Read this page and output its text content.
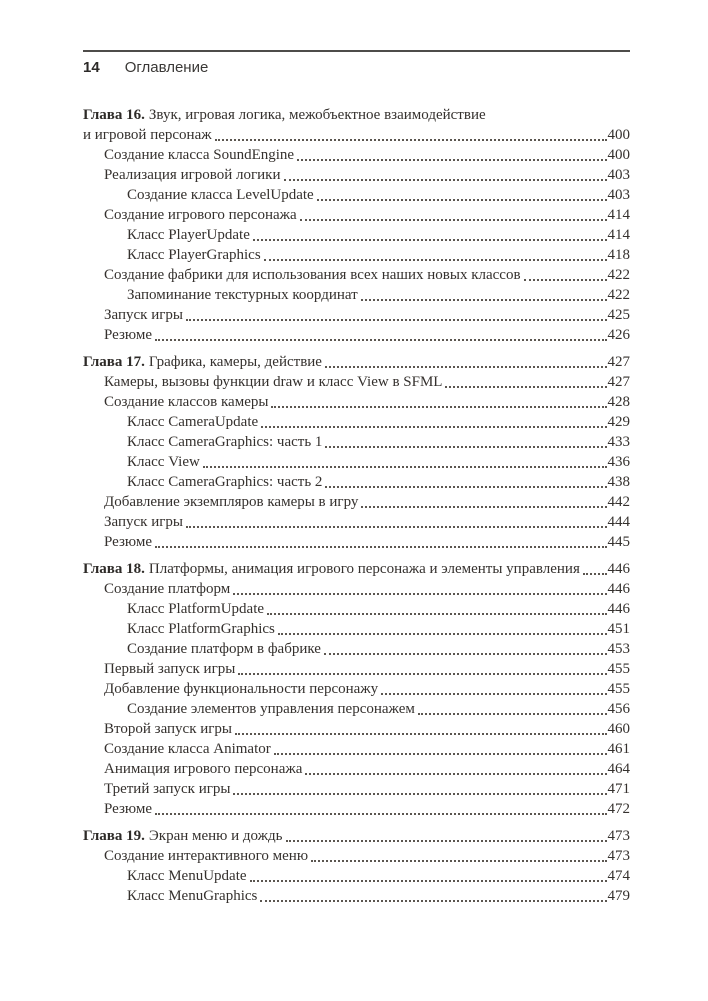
14 Оглавление
Глава 16. Звук, игровая логика, межобъектное взаимодействие
и игровой персонаж	400
Создание класса SoundEngine	400
Реализация игровой логики	403
Создание класса LevelUpdate	403
Создание игрового персонажа	414
Класс PlayerUpdate	414
Класс PlayerGraphics	418
Создание фабрики для использования всех наших новых классов	422
Запоминание текстурных координат	422
Запуск игры	425
Резюме	426
Глава 17. Графика, камеры, действие	427
Камеры, вызовы функции draw и класс View в SFML	427
Создание классов камеры	428
Класс CameraUpdate	429
Класс CameraGraphics: часть 1	433
Класс View	436
Класс CameraGraphics: часть 2	438
Добавление экземпляров камеры в игру	442
Запуск игры	444
Резюме	445
Глава 18. Платформы, анимация игрового персонажа и элементы управления 446
Создание платформ	446
Класс PlatformUpdate	446
Класс PlatformGraphics	451
Создание платформ в фабрике	453
Первый запуск игры	455
Добавление функциональности персонажу	455
Создание элементов управления персонажем	456
Второй запуск игры	460
Создание класса Animator	461
Анимация игрового персонажа	464
Третий запуск игры	471
Резюме	472
Глава 19. Экран меню и дождь	473
Создание интерактивного меню	473
Класс MenuUpdate	474
Класс MenuGraphics	479
